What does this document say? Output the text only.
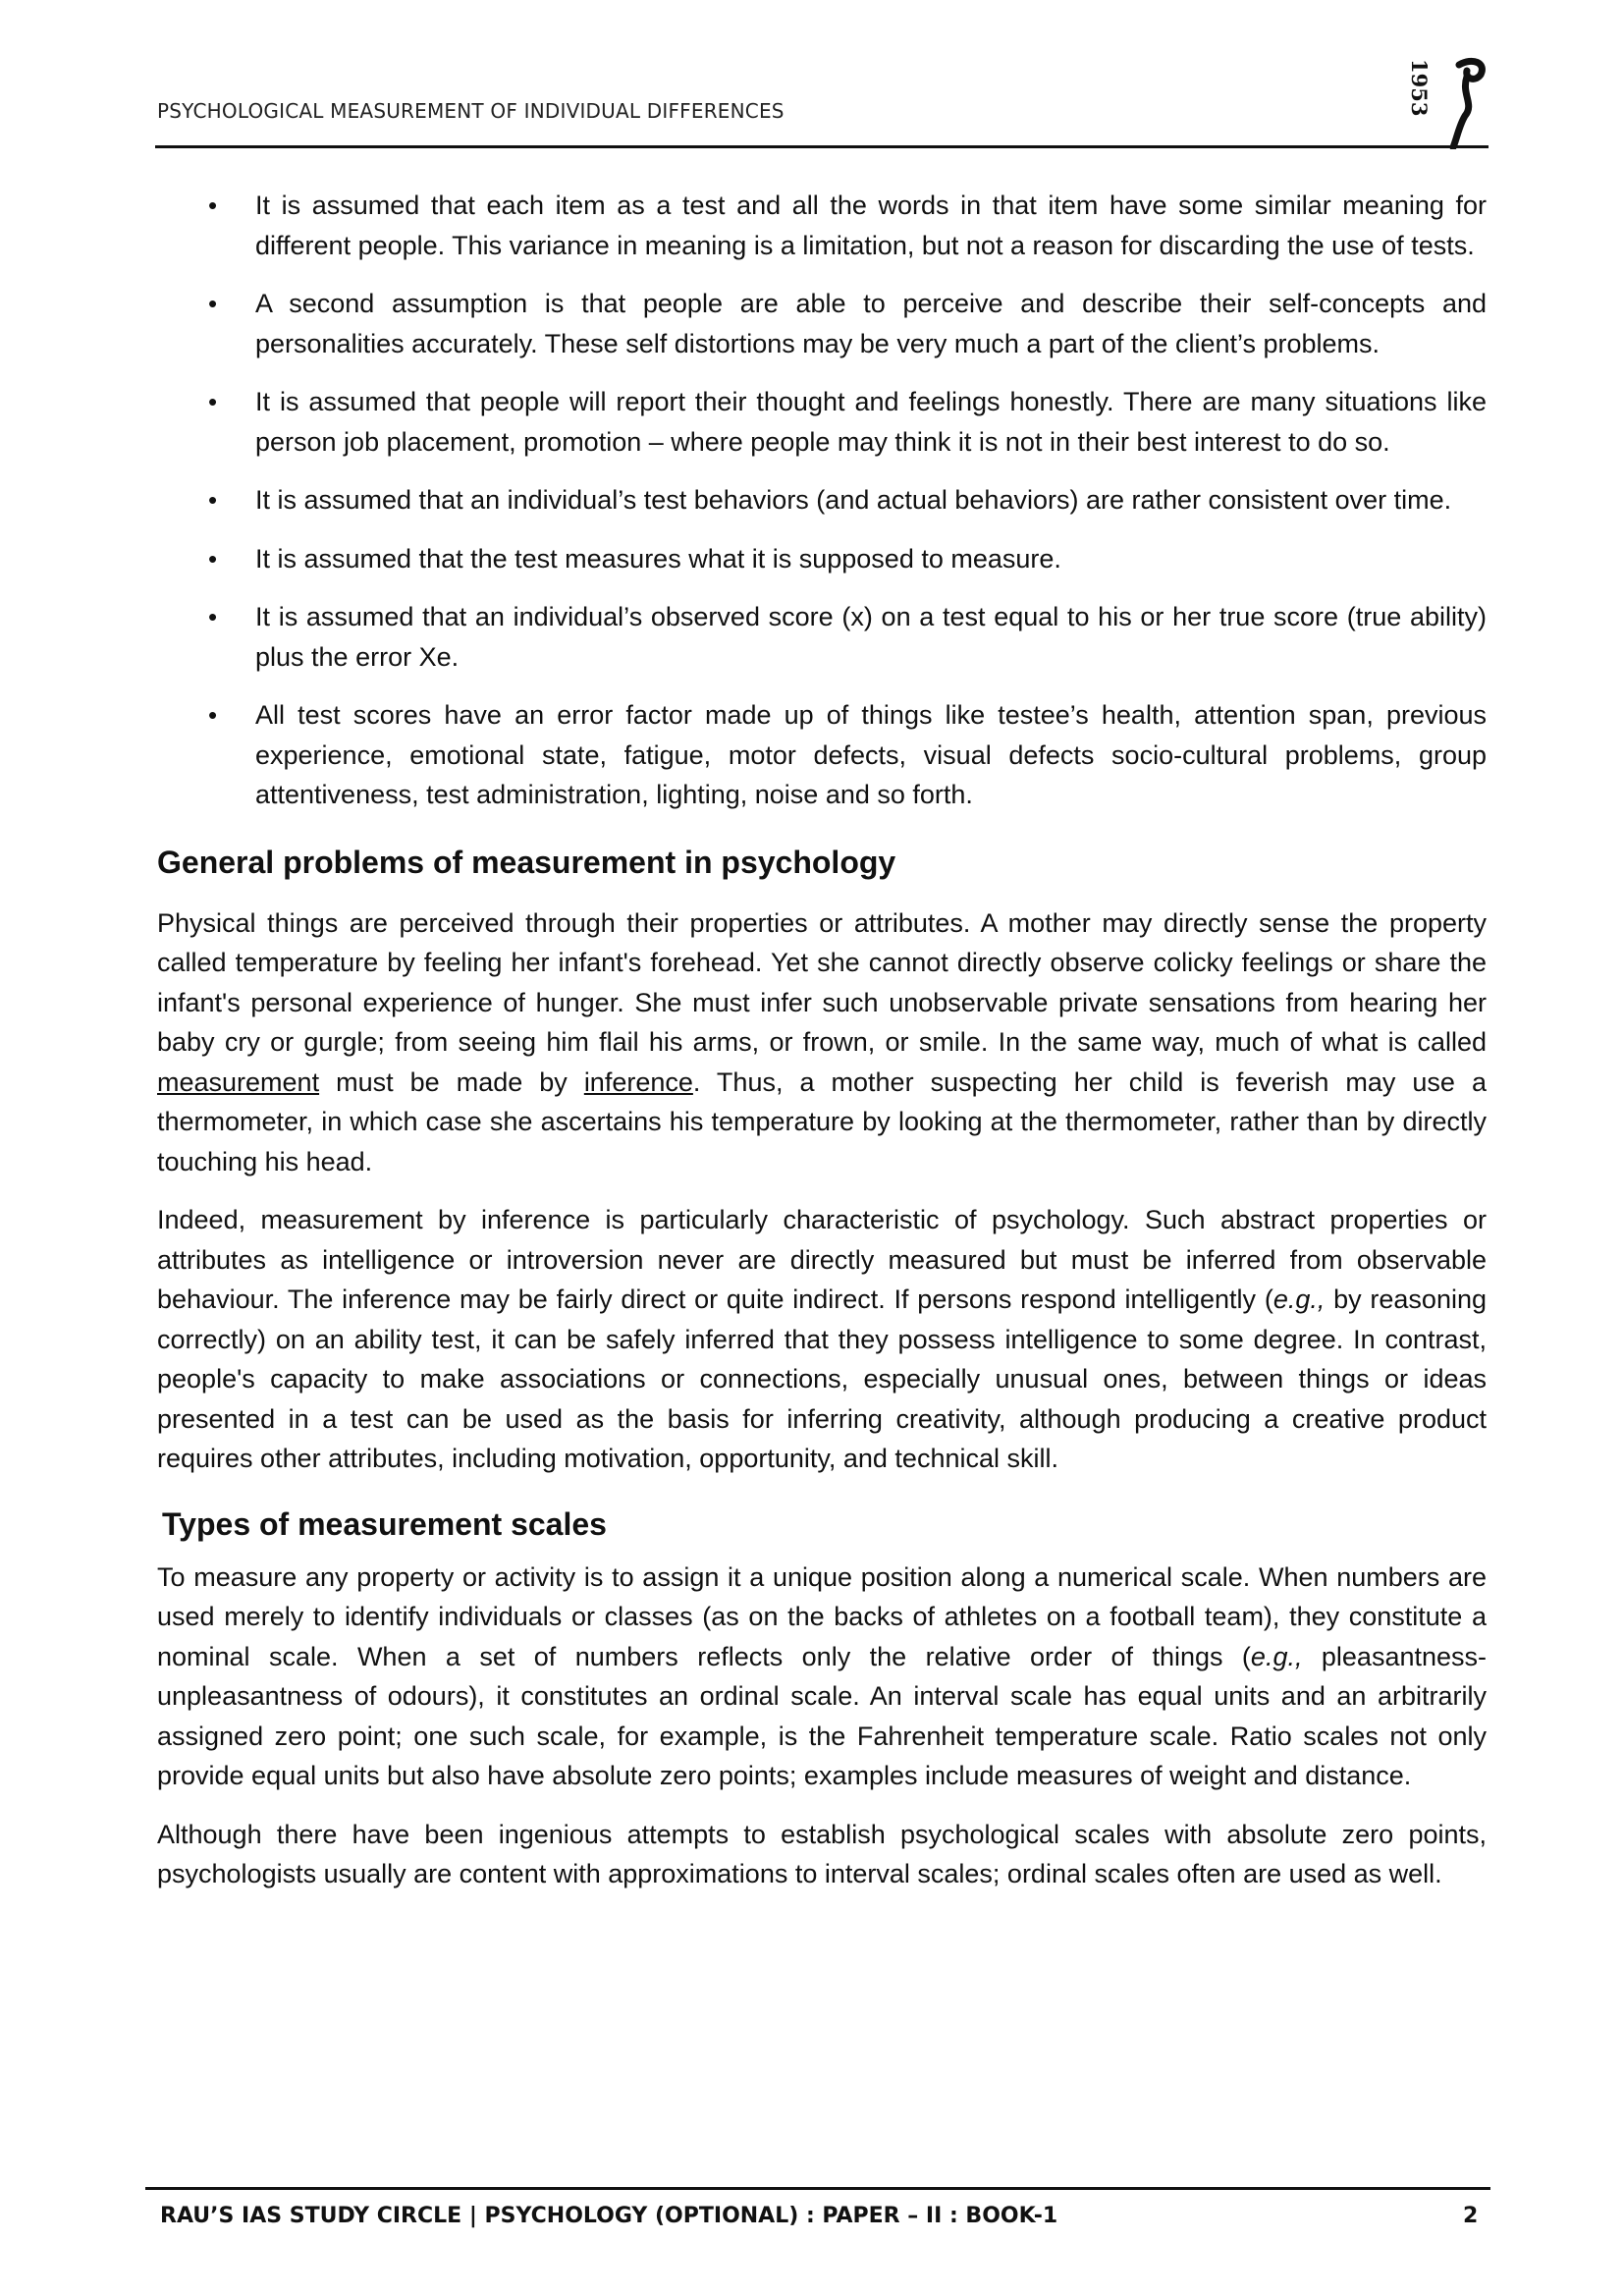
PSYCHOLOGICAL MEASUREMENT OF INDIVIDUAL DIFFERENCES	1953
• It is assumed that each item as a test and all the words in that item have some similar meaning for different people. This variance in meaning is a limitation, but not a reason for discarding the use of tests.
• A second assumption is that people are able to perceive and describe their self-concepts and personalities accurately. These self distortions may be very much a part of the client’s problems.
• It is assumed that people will report their thought and feelings honestly. There are many situations like person job placement, promotion – where people may think it is not in their best interest to do so.
• It is assumed that an individual’s test behaviors (and actual behaviors) are rather consistent over time.
• It is assumed that the test measures what it is supposed to measure.
• It is assumed that an individual’s observed score (x) on a test equal to his or her true score (true ability) plus the error Xe.
• All test scores have an error factor made up of things like testee’s health, attention span, previous experience, emotional state, fatigue, motor defects, visual defects socio-cultural problems, group attentiveness, test administration, lighting, noise and so forth.
General problems of measurement in psychology

Physical things are perceived through their properties or attributes. A mother may directly sense the property called temperature by feeling her infant's forehead. Yet she cannot directly observe colicky feelings or share the infant's personal experience of hunger. She must infer such unobservable private sensations from hearing her baby cry or gurgle; from seeing him flail his arms, or frown, or smile. In the same way, much of what is called measurement must be made by inference. Thus, a mother suspecting her child is feverish may use a thermometer, in which case she ascertains his temperature by looking at the thermometer, rather than by directly touching his head.

Indeed, measurement by inference is particularly characteristic of psychology. Such abstract properties or attributes as intelligence or introversion never are directly measured but must be inferred from observable behaviour. The inference may be fairly direct or quite indirect. If persons respond intelligently (e.g., by reasoning correctly) on an ability test, it can be safely inferred that they possess intelligence to some degree. In contrast, people's capacity to make associations or connections, especially unusual ones, between things or ideas presented in a test can be used as the basis for inferring creativity, although producing a creative product requires other attributes, including motivation, opportunity, and technical skill.

Types of measurement scales

To measure any property or activity is to assign it a unique position along a numerical scale. When numbers are used merely to identify individuals or classes (as on the backs of athletes on a football team), they constitute a nominal scale. When a set of numbers reflects only the relative order of things (e.g., pleasantness-unpleasantness of odours), it constitutes an ordinal scale. An interval scale has equal units and an arbitrarily assigned zero point; one such scale, for example, is the Fahrenheit temperature scale. Ratio scales not only provide equal units but also have absolute zero points; examples include measures of weight and distance.

Although there have been ingenious attempts to establish psychological scales with absolute zero points, psychologists usually are content with approximations to interval scales; ordinal scales often are used as well.

RAU’S IAS STUDY CIRCLE | PSYCHOLOGY (OPTIONAL) : PAPER – II : BOOK-1	2
